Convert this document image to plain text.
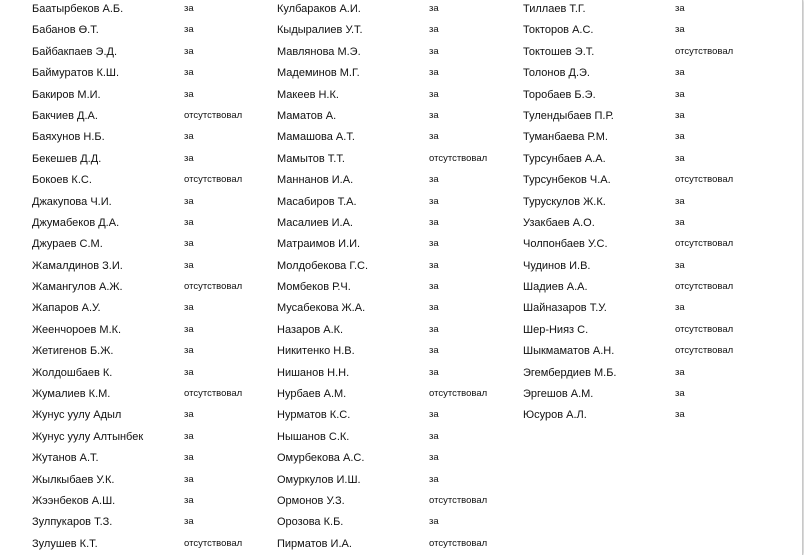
Баатырбеков А.Б.	за
Бабанов Ө.Т.	за
Байбакпаев Э.Д.	за
Баймуратов К.Ш.	за
Бакиров М.И.	за
Бакчиев Д.А.	отсутствовал
Баяхунов Н.Б.	за
Бекешев Д.Д.	за
Бокоев К.С.	отсутствовал
Джакупова Ч.И.	за
Джумабеков Д.А.	за
Джураев С.М.	за
Жамалдинов З.И.	за
Жамангулов А.Ж.	отсутствовал
Жапаров А.У.	за
Жеенчороев М.К.	за
Жетигенов Б.Ж.	за
Жолдошбаев К.	за
Жумалиев К.М.	отсутствовал
Жунус уулу Адыл	за
Жунус уулу Алтынбек	за
Жутанов А.Т.	за
Жылкыбаев У.К.	за
Жээнбеков А.Ш.	за
Зулпукаров Т.З.	за
Зулушев К.Т.	отсутствовал
Кулбараков А.И.	за
Кыдыралиев У.Т.	за
Мавлянова М.Э.	за
Мадеминов М.Г.	за
Макеев Н.К.	за
Маматов А.	за
Мамашова А.Т.	за
Мамытов Т.Т.	отсутствовал
Маннанов И.А.	за
Масабиров Т.А.	за
Масалиев И.А.	за
Матраимов И.И.	за
Молдобекова Г.С.	за
Момбеков Р.Ч.	за
Мусабекова Ж.А.	за
Назаров А.К.	за
Никитенко Н.В.	за
Нишанов Н.Н.	за
Нурбаев А.М.	отсутствовал
Нурматов К.С.	за
Нышанов С.К.	за
Омурбекова А.С.	за
Омуркулов И.Ш.	за
Ормонов У.З.	отсутствовал
Орозова К.Б.	за
Пирматов И.А.	отсутствовал
Тиллаев Т.Г.	за
Токторов А.С.	за
Токтошев Э.Т.	отсутствовал
Толонов Д.Э.	за
Торобаев Б.Э.	за
Тулендыбаев П.Р.	за
Туманбаева Р.М.	за
Турсунбаев А.А.	за
Турсунбеков Ч.А.	отсутствовал
Турускулов Ж.К.	за
Узакбаев А.О.	за
Чолпонбаев У.С.	отсутствовал
Чудинов И.В.	за
Шадиев А.А.	отсутствовал
Шайназаров Т.У.	за
Шер-Нияз С.	отсутствовал
Шыкмаматов А.Н.	отсутствовал
Эгембердиев М.Б.	за
Эргешов А.М.	за
Юсуров А.Л.	за
